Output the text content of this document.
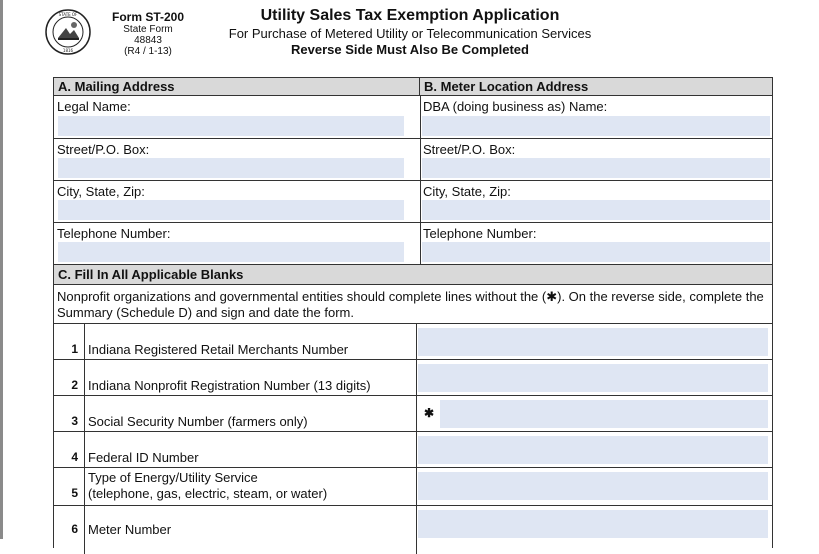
STATE OF
1816
Form ST-200
State Form 48843
(R4 / 1-13)
Utility Sales Tax Exemption Application
For Purchase of Metered Utility or Telecommunication Services
Reverse Side Must Also Be Completed
A. Mailing Address	B. Meter Location Address
Legal Name:	DBA (doing business as) Name:
Street/P.O. Box:	Street/P.O. Box:
City, State, Zip:	City, State, Zip:
Telephone Number:	Telephone Number:
C. Fill In All Applicable Blanks
Nonprofit organizations and governmental entities should complete lines without the (✱). On the reverse side, complete the Summary (Schedule D) and sign and date the form.
1 Indiana Registered Retail Merchants Number
2 Indiana Nonprofit Registration Number (13 digits)
3 Social Security Number (farmers only)
✱
4 Federal ID Number
5
Type of Energy/Utility Service
(telephone, gas, electric, steam, or water)
6 Meter Number
